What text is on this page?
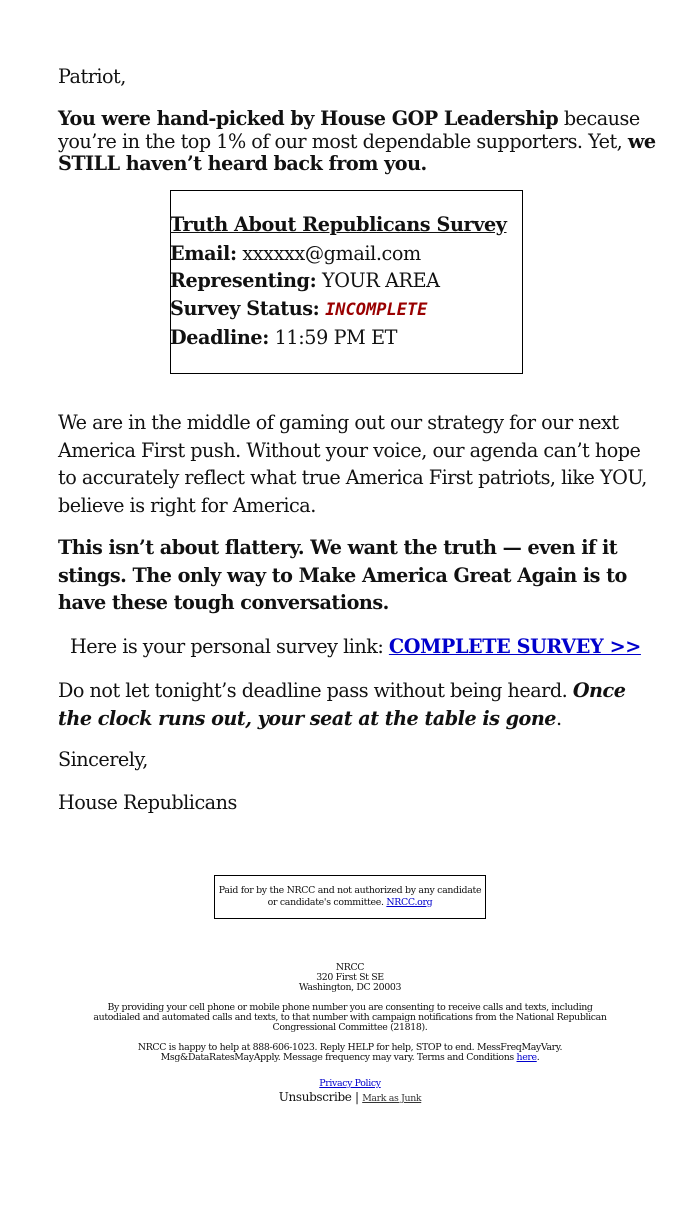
Patriot,

You were hand-picked by House GOP Leadership because you’re in the top 1% of our most dependable supporters. Yet, we STILL haven’t heard back from you.

Truth About Republicans Survey
Email: xxxxxx@gmail.com
Representing: YOUR AREA
Survey Status: INCOMPLETE
Deadline: 11:59 PM ET

We are in the middle of gaming out our strategy for our next America First push. Without your voice, our agenda can’t hope to accurately reflect what true America First patriots, like YOU, believe is right for America.

This isn’t about flattery. We want the truth — even if it stings. The only way to Make America Great Again is to have these tough conversations.

Here is your personal survey link: COMPLETE SURVEY >>

Do not let tonight’s deadline pass without being heard. Once the clock runs out, your seat at the table is gone.

Sincerely,

House Republicans

Paid for by the NRCC and not authorized by any candidate or candidate's committee. NRCC.org

NRCC
320 First St SE
Washington, DC 20003

By providing your cell phone or mobile phone number you are consenting to receive calls and texts, including autodialed and automated calls and texts, to that number with campaign notifications from the National Republican Congressional Committee (21818).

NRCC is happy to help at 888-606-1023. Reply HELP for help, STOP to end. MessFreqMayVary. Msg&DataRatesMayApply. Message frequency may vary. Terms and Conditions here.

Privacy Policy

Unsubscribe | Mark as Junk
